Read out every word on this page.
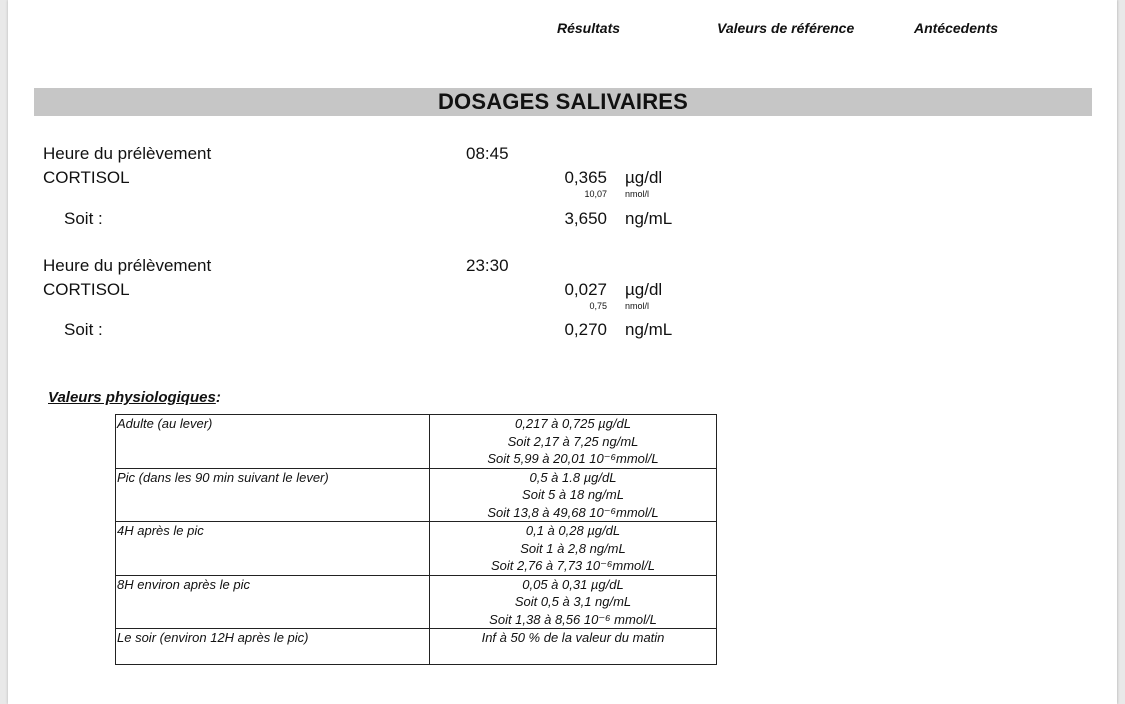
Résultats	Valeurs de référence	Antécedents
DOSAGES SALIVAIRES
Heure du prélèvement	08:45
CORTISOL	0,365 µg/dl
10,07 nmol/l
Soit :	3,650 ng/mL
Heure du prélèvement	23:30
CORTISOL	0,027 µg/dl
0,75 nmol/l
Soit :	0,270 ng/mL
Valeurs physiologiques:
Adulte (au lever)	0,217 à 0,725 µg/dL
Soit 2,17 à 7,25 ng/mL
Soit 5,99 à 20,01 10⁻⁶mmol/L

Pic (dans les 90 min suivant le lever)	0,5 à 1.8 µg/dL
Soit 5 à 18 ng/mL
Soit 13,8 à 49,68 10⁻⁶mmol/L

4H après le pic	0,1 à 0,28 µg/dL
Soit 1 à 2,8 ng/mL
Soit 2,76 à 7,73 10⁻⁶mmol/L

8H environ après le pic	0,05 à 0,31 µg/dL
Soit 0,5 à 3,1 ng/mL
Soit 1,38 à 8,56 10⁻⁶ mmol/L

Le soir (environ 12H après le pic)	Inf à 50 % de la valeur du matin
